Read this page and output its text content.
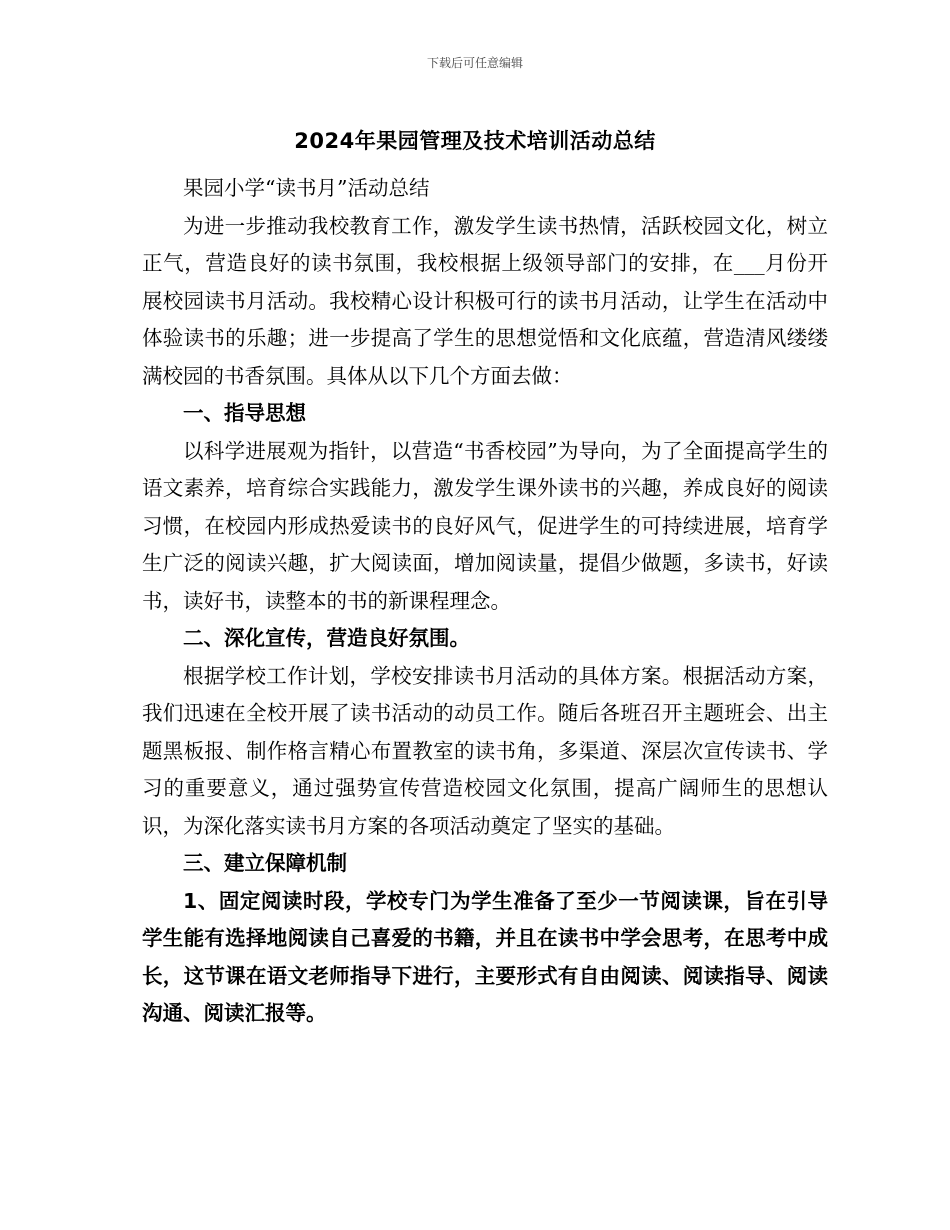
下载后可任意编辑
2024年果园管理及技术培训活动总结

果园小学“读书月”活动总结

为进一步推动我校教育工作，激发学生读书热情，活跃校园文化，树立正气，营造良好的读书氛围，我校根据上级领导部门的安排，在___月份开展校园读书月活动。我校精心设计积极可行的读书月活动，让学生在活动中体验读书的乐趣；进一步提高了学生的思想觉悟和文化底蕴，营造清风缕缕满校园的书香氛围。具体从以下几个方面去做：

一、指导思想

以科学进展观为指针，以营造“书香校园”为导向，为了全面提高学生的语文素养，培育综合实践能力，激发学生课外读书的兴趣，养成良好的阅读习惯，在校园内形成热爱读书的良好风气，促进学生的可持续进展，培育学生广泛的阅读兴趣，扩大阅读面，增加阅读量，提倡少做题，多读书，好读书，读好书，读整本的书的新课程理念。

二、深化宣传，营造良好氛围。

根据学校工作计划，学校安排读书月活动的具体方案。根据活动方案，我们迅速在全校开展了读书活动的动员工作。随后各班召开主题班会、出主题黑板报、制作格言精心布置教室的读书角，多渠道、深层次宣传读书、学习的重要意义，通过强势宣传营造校园文化氛围，提高广阔师生的思想认识，为深化落实读书月方案的各项活动奠定了坚实的基础。

三、建立保障机制

1、固定阅读时段，学校专门为学生准备了至少一节阅读课，旨在引导学生能有选择地阅读自己喜爱的书籍，并且在读书中学会思考，在思考中成长，这节课在语文老师指导下进行，主要形式有自由阅读、阅读指导、阅读沟通、阅读汇报等。
